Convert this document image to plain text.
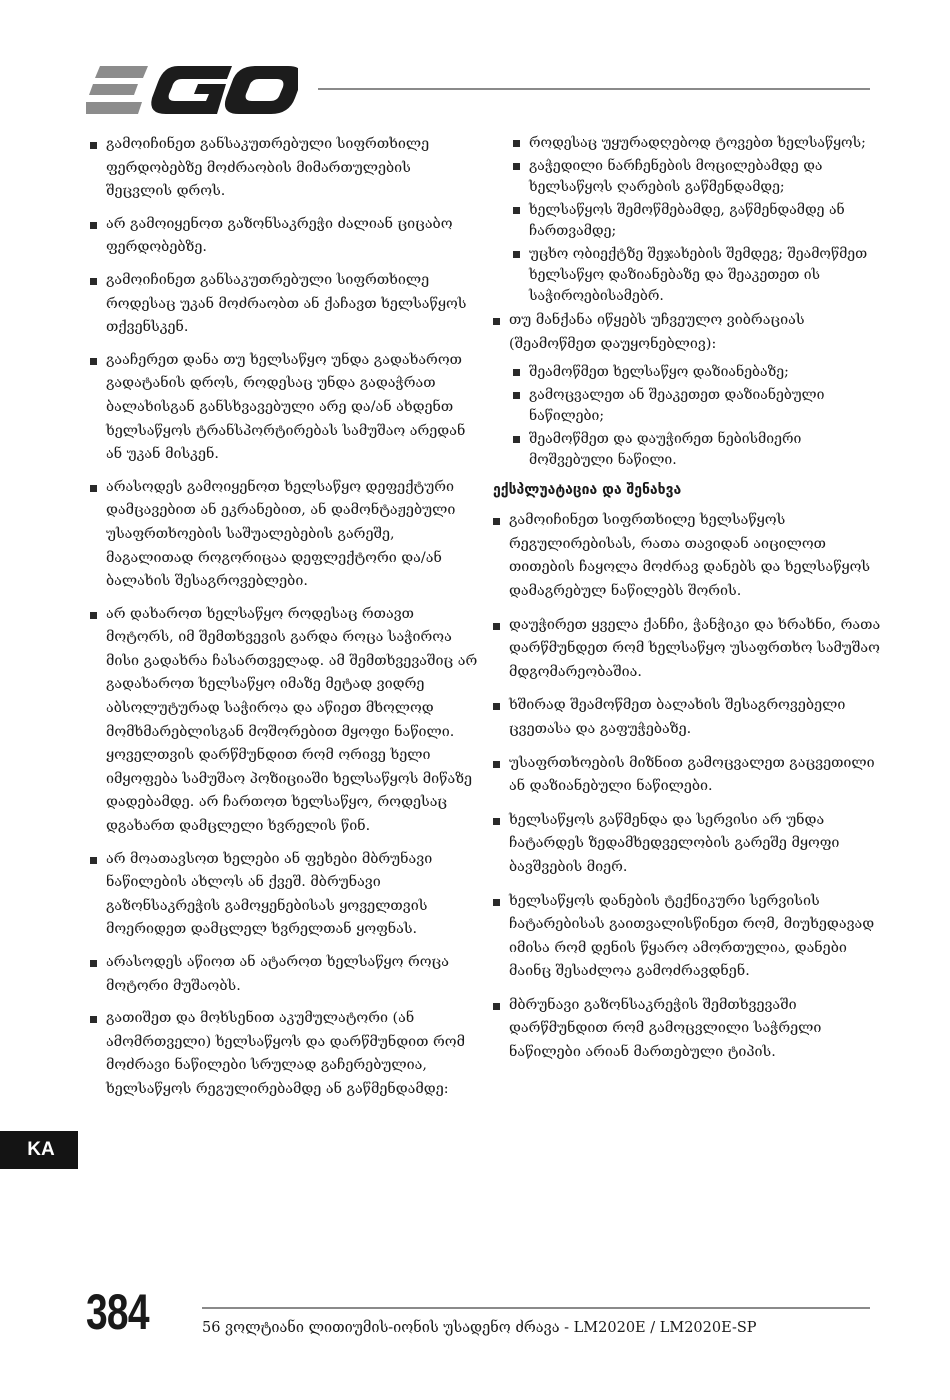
გამოიჩინეთ განსაკუთრებული სიფრთხილე ფერდობებზე მოძრაობის მიმართულების შეცვლის დროს.
არ გამოიყენოთ გაზონსაკრეჭი ძალიან ციცაბო ფერდობებზე.
გამოიჩინეთ განსაკუთრებული სიფრთხილე როდესაც უკან მოძრაობთ ან ქაჩავთ ხელსაწყოს თქვენსკენ.
გააჩერეთ დანა თუ ხელსაწყო უნდა გადახაროთ გადატანის დროს, როდესაც უნდა გადაჭრათ ბალახისგან განსხვავებული არე და/ან ახდენთ ხელსაწყოს ტრანსპორტირებას სამუშაო არედან ან უკან მისკენ.
არასოდეს გამოიყენოთ ხელსაწყო დეფექტური დამცავებით ან ეკრანებით, ან დამონტაჟებული უსაფრთხოების საშუალებების გარეშე, მაგალითად როგორიცაა დეფლექტორი და/ან ბალახის შესაგროვებლები.
არ დახაროთ ხელსაწყო როდესაც რთავთ მოტორს, იმ შემთხვევის გარდა როცა საჭიროა მისი გადახრა ჩასართველად. ამ შემთხვევაშიც არ გადახაროთ ხელსაწყო იმაზე მეტად ვიდრე აბსოლუტურად საჭიროა და აწიეთ მხოლოდ მომხმარებლისგან მოშორებით მყოფი ნაწილი. ყოველთვის დარწმუნდით რომ ორივე ხელი იმყოფება სამუშაო პოზიციაში ხელსაწყოს მიწაზე დადებამდე. არ ჩართოთ ხელსაწყო, როდესაც დგახართ დამცლელი ხვრელის წინ.
არ მოათავსოთ ხელები ან ფეხები მბრუნავი ნაწილების ახლოს ან ქვეშ. მბრუნავი გაზონსაკრეჭის გამოყენებისას ყოველთვის მოერიდეთ დამცლელ ხვრელთან ყოფნას.
არასოდეს აწიოთ ან ატაროთ ხელსაწყო როცა მოტორი მუშაობს.
გათიშეთ და მოხსენით აკუმულატორი (ან ამომრთველი) ხელსაწყოს და დარწმუნდით რომ მოძრავი ნაწილები სრულად გაჩერებულია, ხელსაწყოს რეგულირებამდე ან გაწმენდამდე:
როდესაც უყურადღებოდ ტოვებთ ხელსაწყოს;
გაჭედილი ნარჩენების მოცილებამდე და ხელსაწყოს ღარების გაწმენდამდე;
ხელსაწყოს შემოწმებამდე, გაწმენდამდე ან ჩართვამდე;
უცხო ობიექტზე შეჯახების შემდეგ; შეამოწმეთ ხელსაწყო დაზიანებაზე და შეაკეთეთ ის საჭიროებისამებრ.
თუ მანქანა იწყებს უჩვეულო ვიბრაციას (შეამოწმეთ დაუყონებლივ):
შეამოწმეთ ხელსაწყო დაზიანებაზე;
გამოცვალეთ ან შეაკეთეთ დაზიანებული ნაწილები;
შეამოწმეთ და დაუჭირეთ ნებისმიერი მოშვებული ნაწილი.
ექსპლუატაცია და შენახვა
გამოიჩინეთ სიფრთხილე ხელსაწყოს რეგულირებისას, რათა თავიდან აიცილოთ თითების ჩაყოლა მოძრავ დანებს და ხელსაწყოს დამაგრებულ ნაწილებს შორის.
დაუჭირეთ ყველა ქანჩი, ჭანჭიკი და ხრახნი, რათა დარწმუნდეთ რომ ხელსაწყო უსაფრთხო სამუშაო მდგომარეობაშია.
ხშირად შეამოწმეთ ბალახის შესაგროვებელი ცვეთასა და გაფუჭებაზე.
უსაფრთხოების მიზნით გამოცვალეთ გაცვეთილი ან დაზიანებული ნაწილები.
ხელსაწყოს გაწმენდა და სერვისი არ უნდა ჩატარდეს ზედამხედველობის გარეშე მყოფი ბავშვების მიერ.
ხელსაწყოს დანების ტექნიკური სერვისის ჩატარებისას გაითვალისწინეთ რომ, მიუხედავად იმისა რომ დენის წყარო ამორთულია, დანები მაინც შესაძლოა გამოძრავდნენ.
მბრუნავი გაზონსაკრეჭის შემთხვევაში დარწმუნდით რომ გამოცვლილი საჭრელი ნაწილები არიან მართებული ტიპის.
KA
384	56 ვოლტიანი ლითიუმის-იონის უსადენო ძრავა - LM2020E / LM2020E-SP
